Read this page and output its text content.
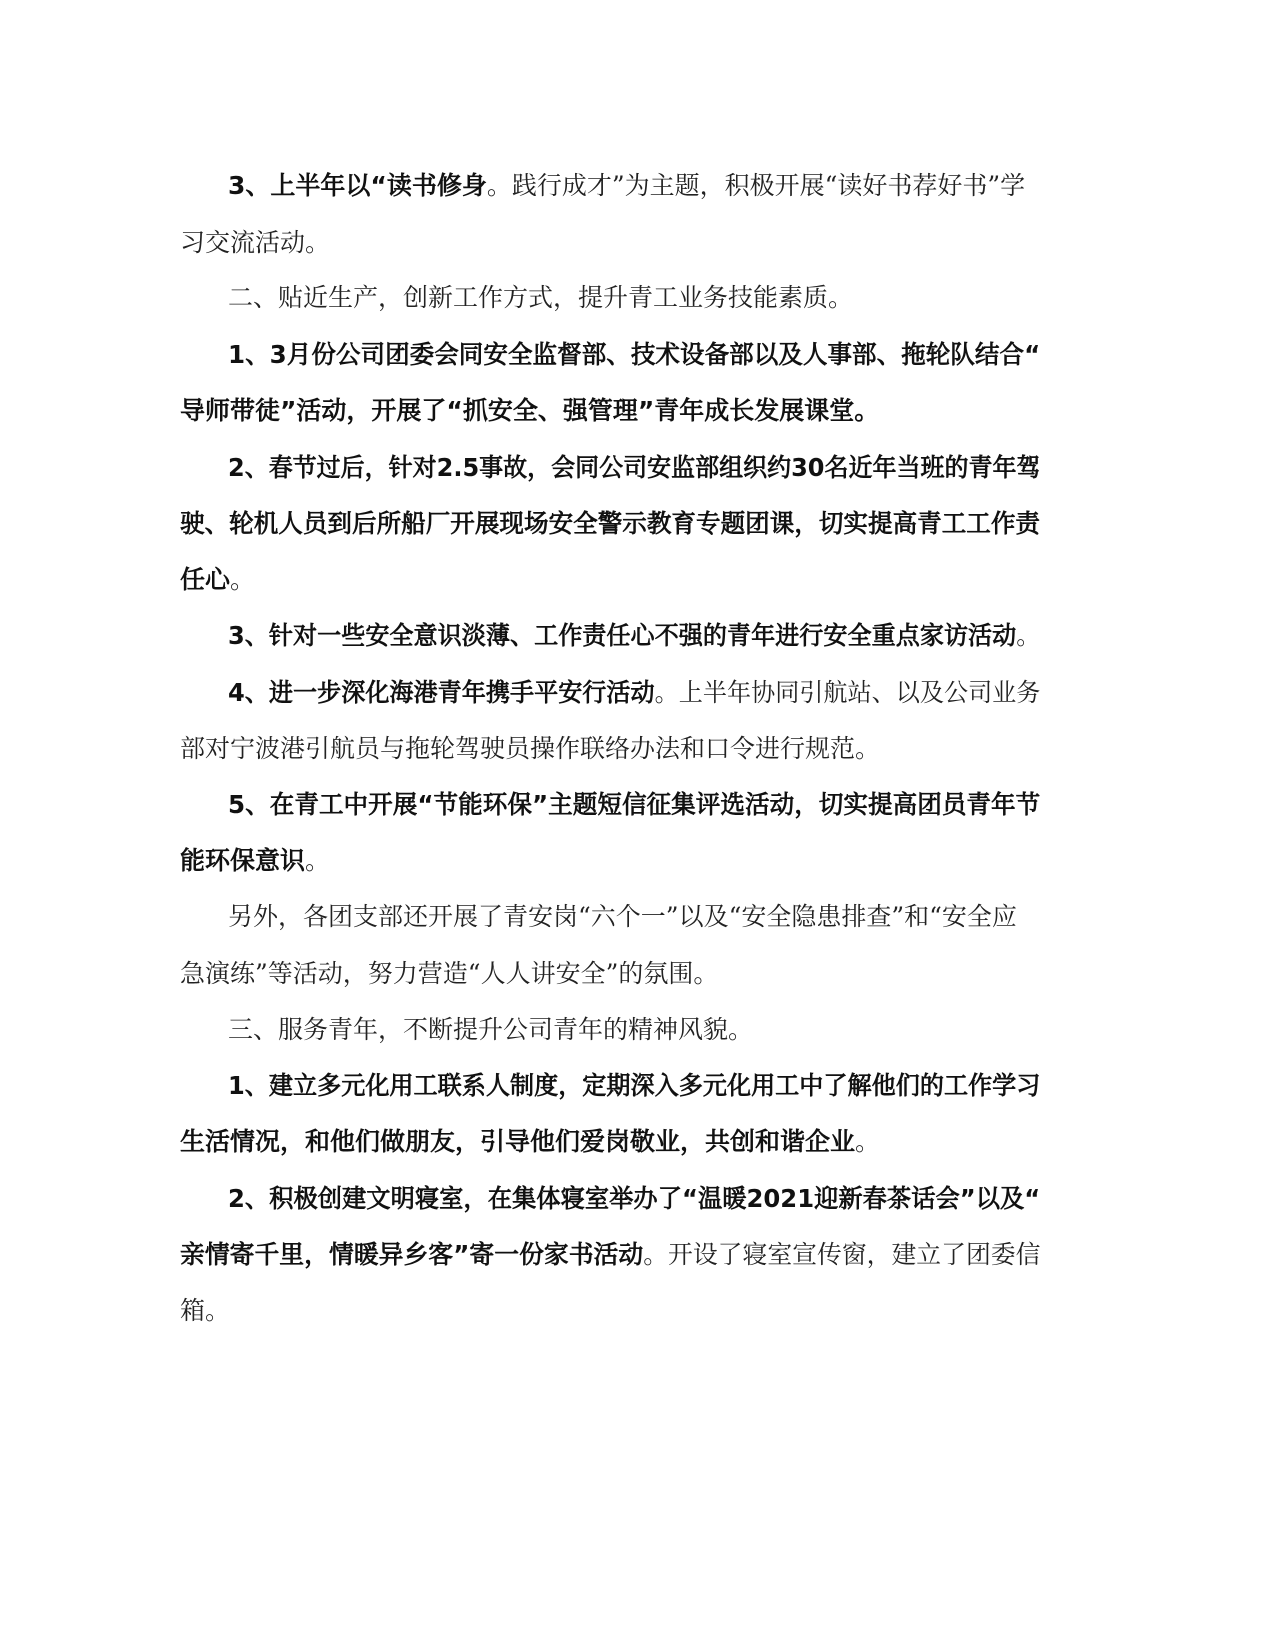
3、上半年以“读书修身。践行成才”为主题，积极开展“读好书荐好书”学
习交流活动。
二、贴近生产，创新工作方式，提升青工业务技能素质。
1、3月份公司团委会同安全监督部、技术设备部以及人事部、拖轮队结合“
导师带徒”活动，开展了“抓安全、强管理”青年成长发展课堂。
2、春节过后，针对2.5事故，会同公司安监部组织约30名近年当班的青年驾
驶、轮机人员到后所船厂开展现场安全警示教育专题团课，切实提高青工工作责
任心。
3、针对一些安全意识淡薄、工作责任心不强的青年进行安全重点家访活动。
4、进一步深化海港青年携手平安行活动。上半年协同引航站、以及公司业务
部对宁波港引航员与拖轮驾驶员操作联络办法和口令进行规范。
5、在青工中开展“节能环保”主题短信征集评选活动，切实提高团员青年节
能环保意识。
另外，各团支部还开展了青安岗“六个一”以及“安全隐患排查”和“安全应
急演练”等活动，努力营造“人人讲安全”的氛围。
三、服务青年，不断提升公司青年的精神风貌。
1、建立多元化用工联系人制度，定期深入多元化用工中了解他们的工作学习
生活情况，和他们做朋友，引导他们爱岗敬业，共创和谐企业。
2、积极创建文明寝室，在集体寝室举办了“温暖2021迎新春茶话会”以及“
亲情寄千里，情暖异乡客”寄一份家书活动。开设了寝室宣传窗，建立了团委信
箱。
